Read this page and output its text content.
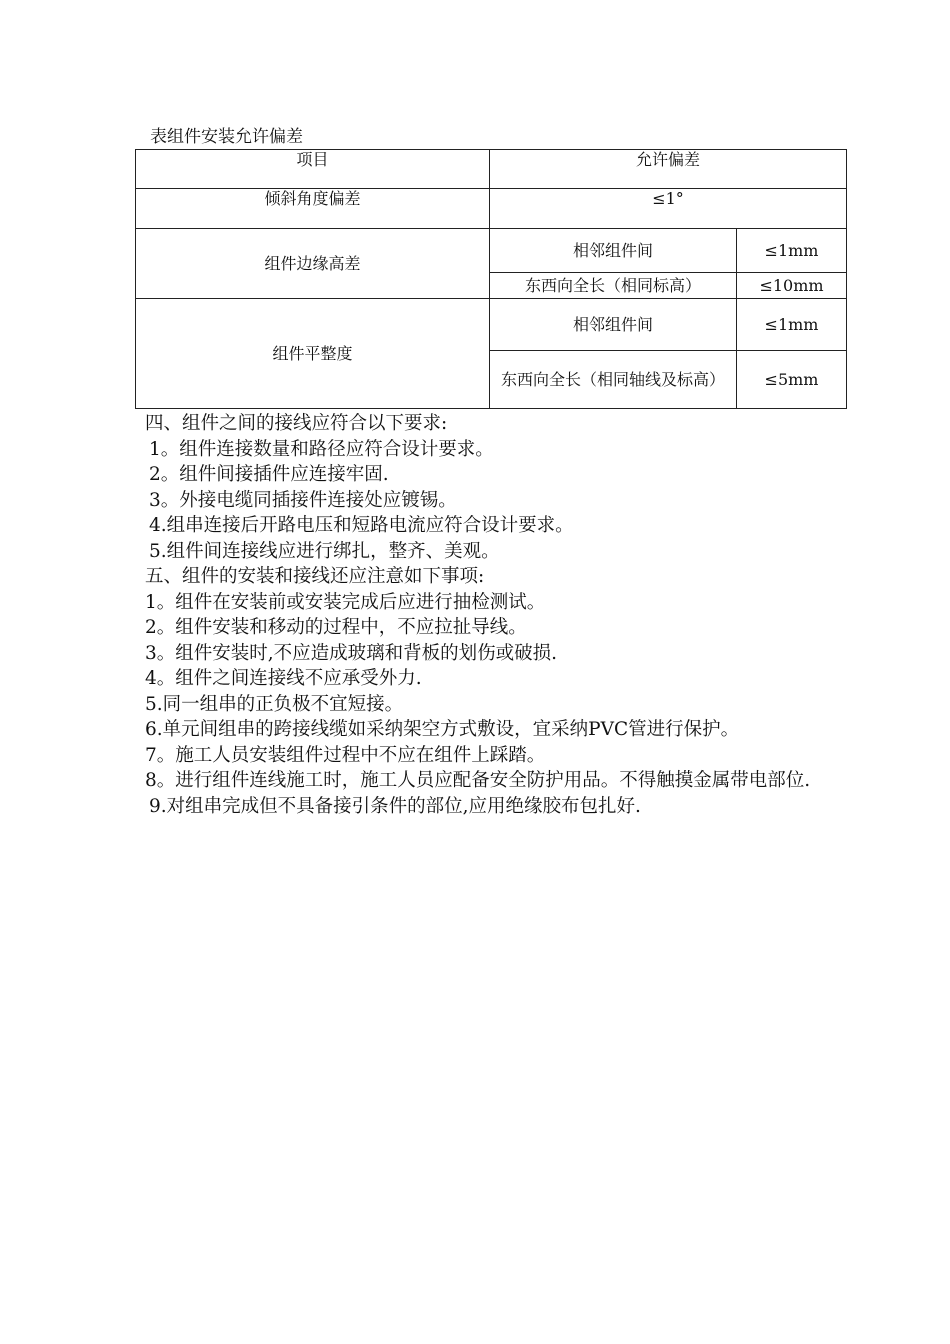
表组件安装允许偏差
项目	允许偏差	
倾斜角度偏差	≤1°	
组件边缘高差	相邻组件间	≤1mm
	东西向全长（相同标高）	≤10mm
组件平整度	相邻组件间	≤1mm
	东西向全长（相同轴线及标高）	≤5mm
四、组件之间的接线应符合以下要求:
1。组件连接数量和路径应符合设计要求。
2。组件间接插件应连接牢固.
3。外接电缆同插接件连接处应镀锡。
4.组串连接后开路电压和短路电流应符合设计要求。
5.组件间连接线应进行绑扎，整齐、美观。
五、组件的安装和接线还应注意如下事项:
1。组件在安装前或安装完成后应进行抽检测试。
2。组件安装和移动的过程中，不应拉扯导线。
3。组件安装时,不应造成玻璃和背板的划伤或破损.
4。组件之间连接线不应承受外力.
5.同一组串的正负极不宜短接。
6.单元间组串的跨接线缆如采纳架空方式敷设，宜采纳PVC管进行保护。
7。施工人员安装组件过程中不应在组件上踩踏。
8。进行组件连线施工时，施工人员应配备安全防护用品。不得触摸金属带电部位.
9.对组串完成但不具备接引条件的部位,应用绝缘胶布包扎好.
